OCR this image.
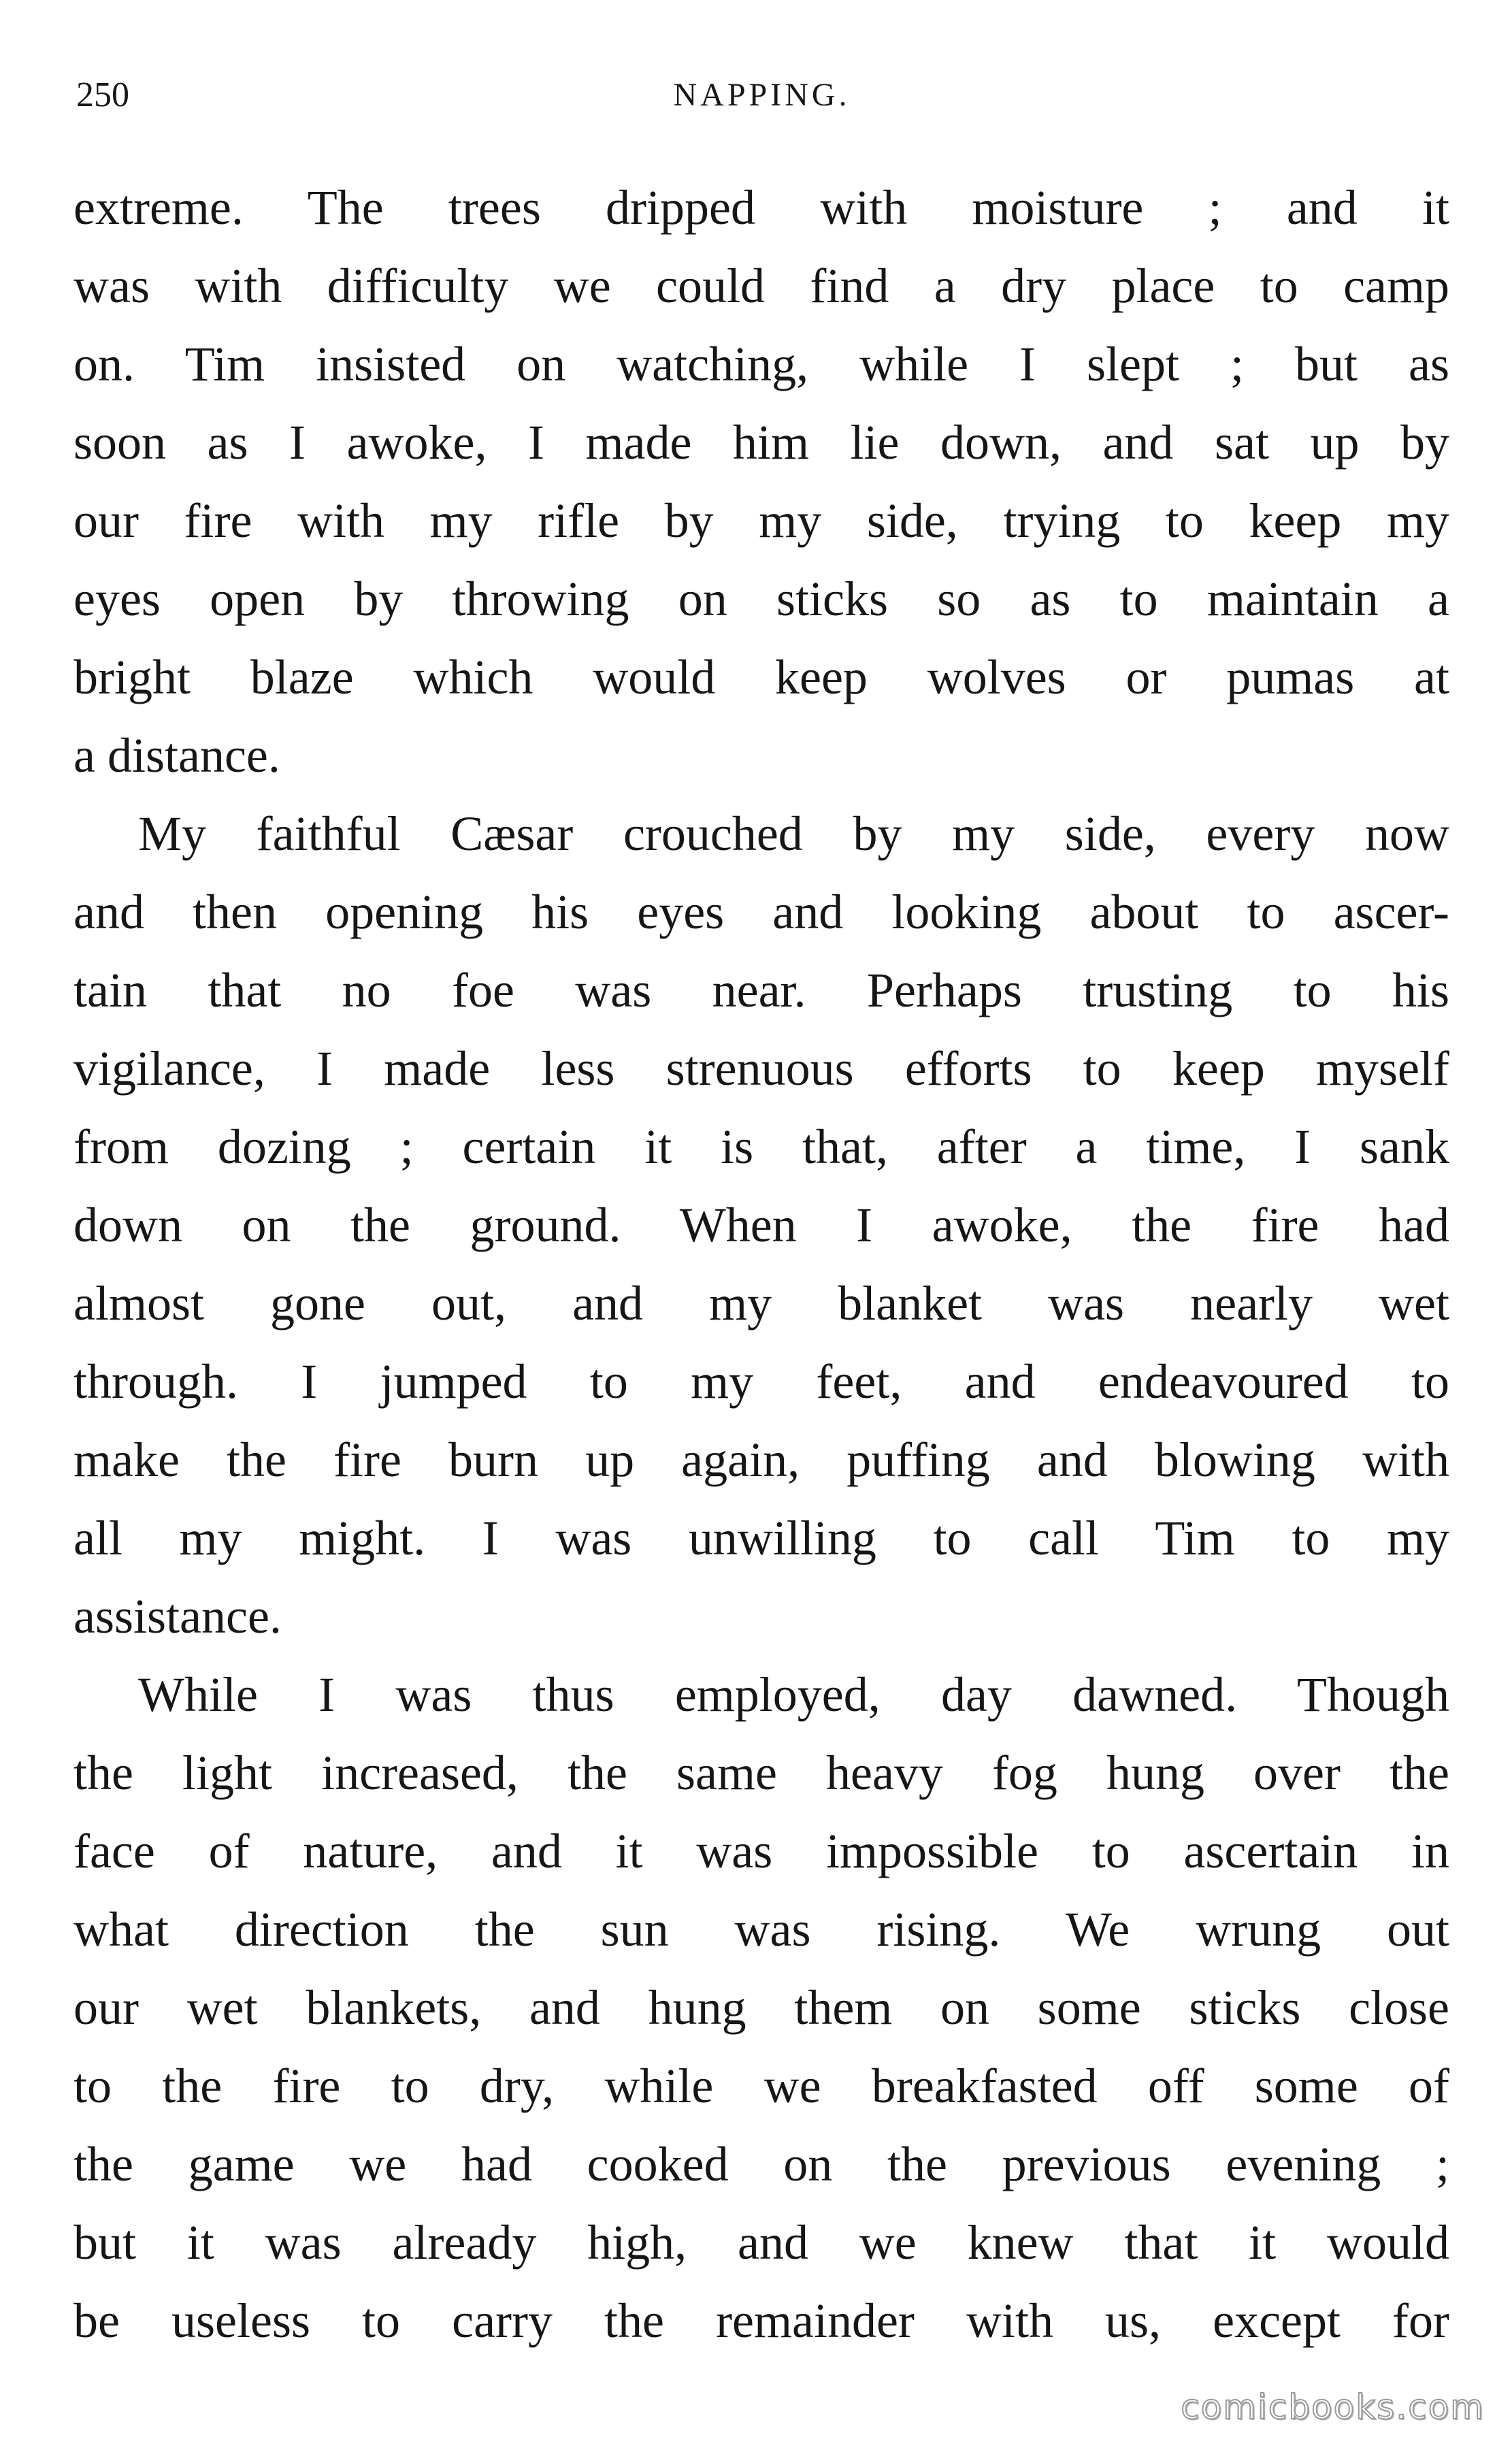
250	NAPPING.
extreme. The trees dripped with moisture ; and it
was with difficulty we could find a dry place to camp
on. Tim insisted on watching, while I slept ; but as
soon as I awoke, I made him lie down, and sat up by
our fire with my rifle by my side, trying to keep my
eyes open by throwing on sticks so as to maintain a
bright blaze which would keep wolves or pumas at
a distance.
My faithful Cæsar crouched by my side, every now
and then opening his eyes and looking about to ascer-
tain that no foe was near. Perhaps trusting to his
vigilance, I made less strenuous efforts to keep myself
from dozing ; certain it is that, after a time, I sank
down on the ground. When I awoke, the fire had
almost gone out, and my blanket was nearly wet
through. I jumped to my feet, and endeavoured to
make the fire burn up again, puffing and blowing with
all my might. I was unwilling to call Tim to my
assistance.
While I was thus employed, day dawned. Though
the light increased, the same heavy fog hung over the
face of nature, and it was impossible to ascertain in
what direction the sun was rising. We wrung out
our wet blankets, and hung them on some sticks close
to the fire to dry, while we breakfasted off some of
the game we had cooked on the previous evening ;
but it was already high, and we knew that it would
be useless to carry the remainder with us, except for
comicbooks.com
